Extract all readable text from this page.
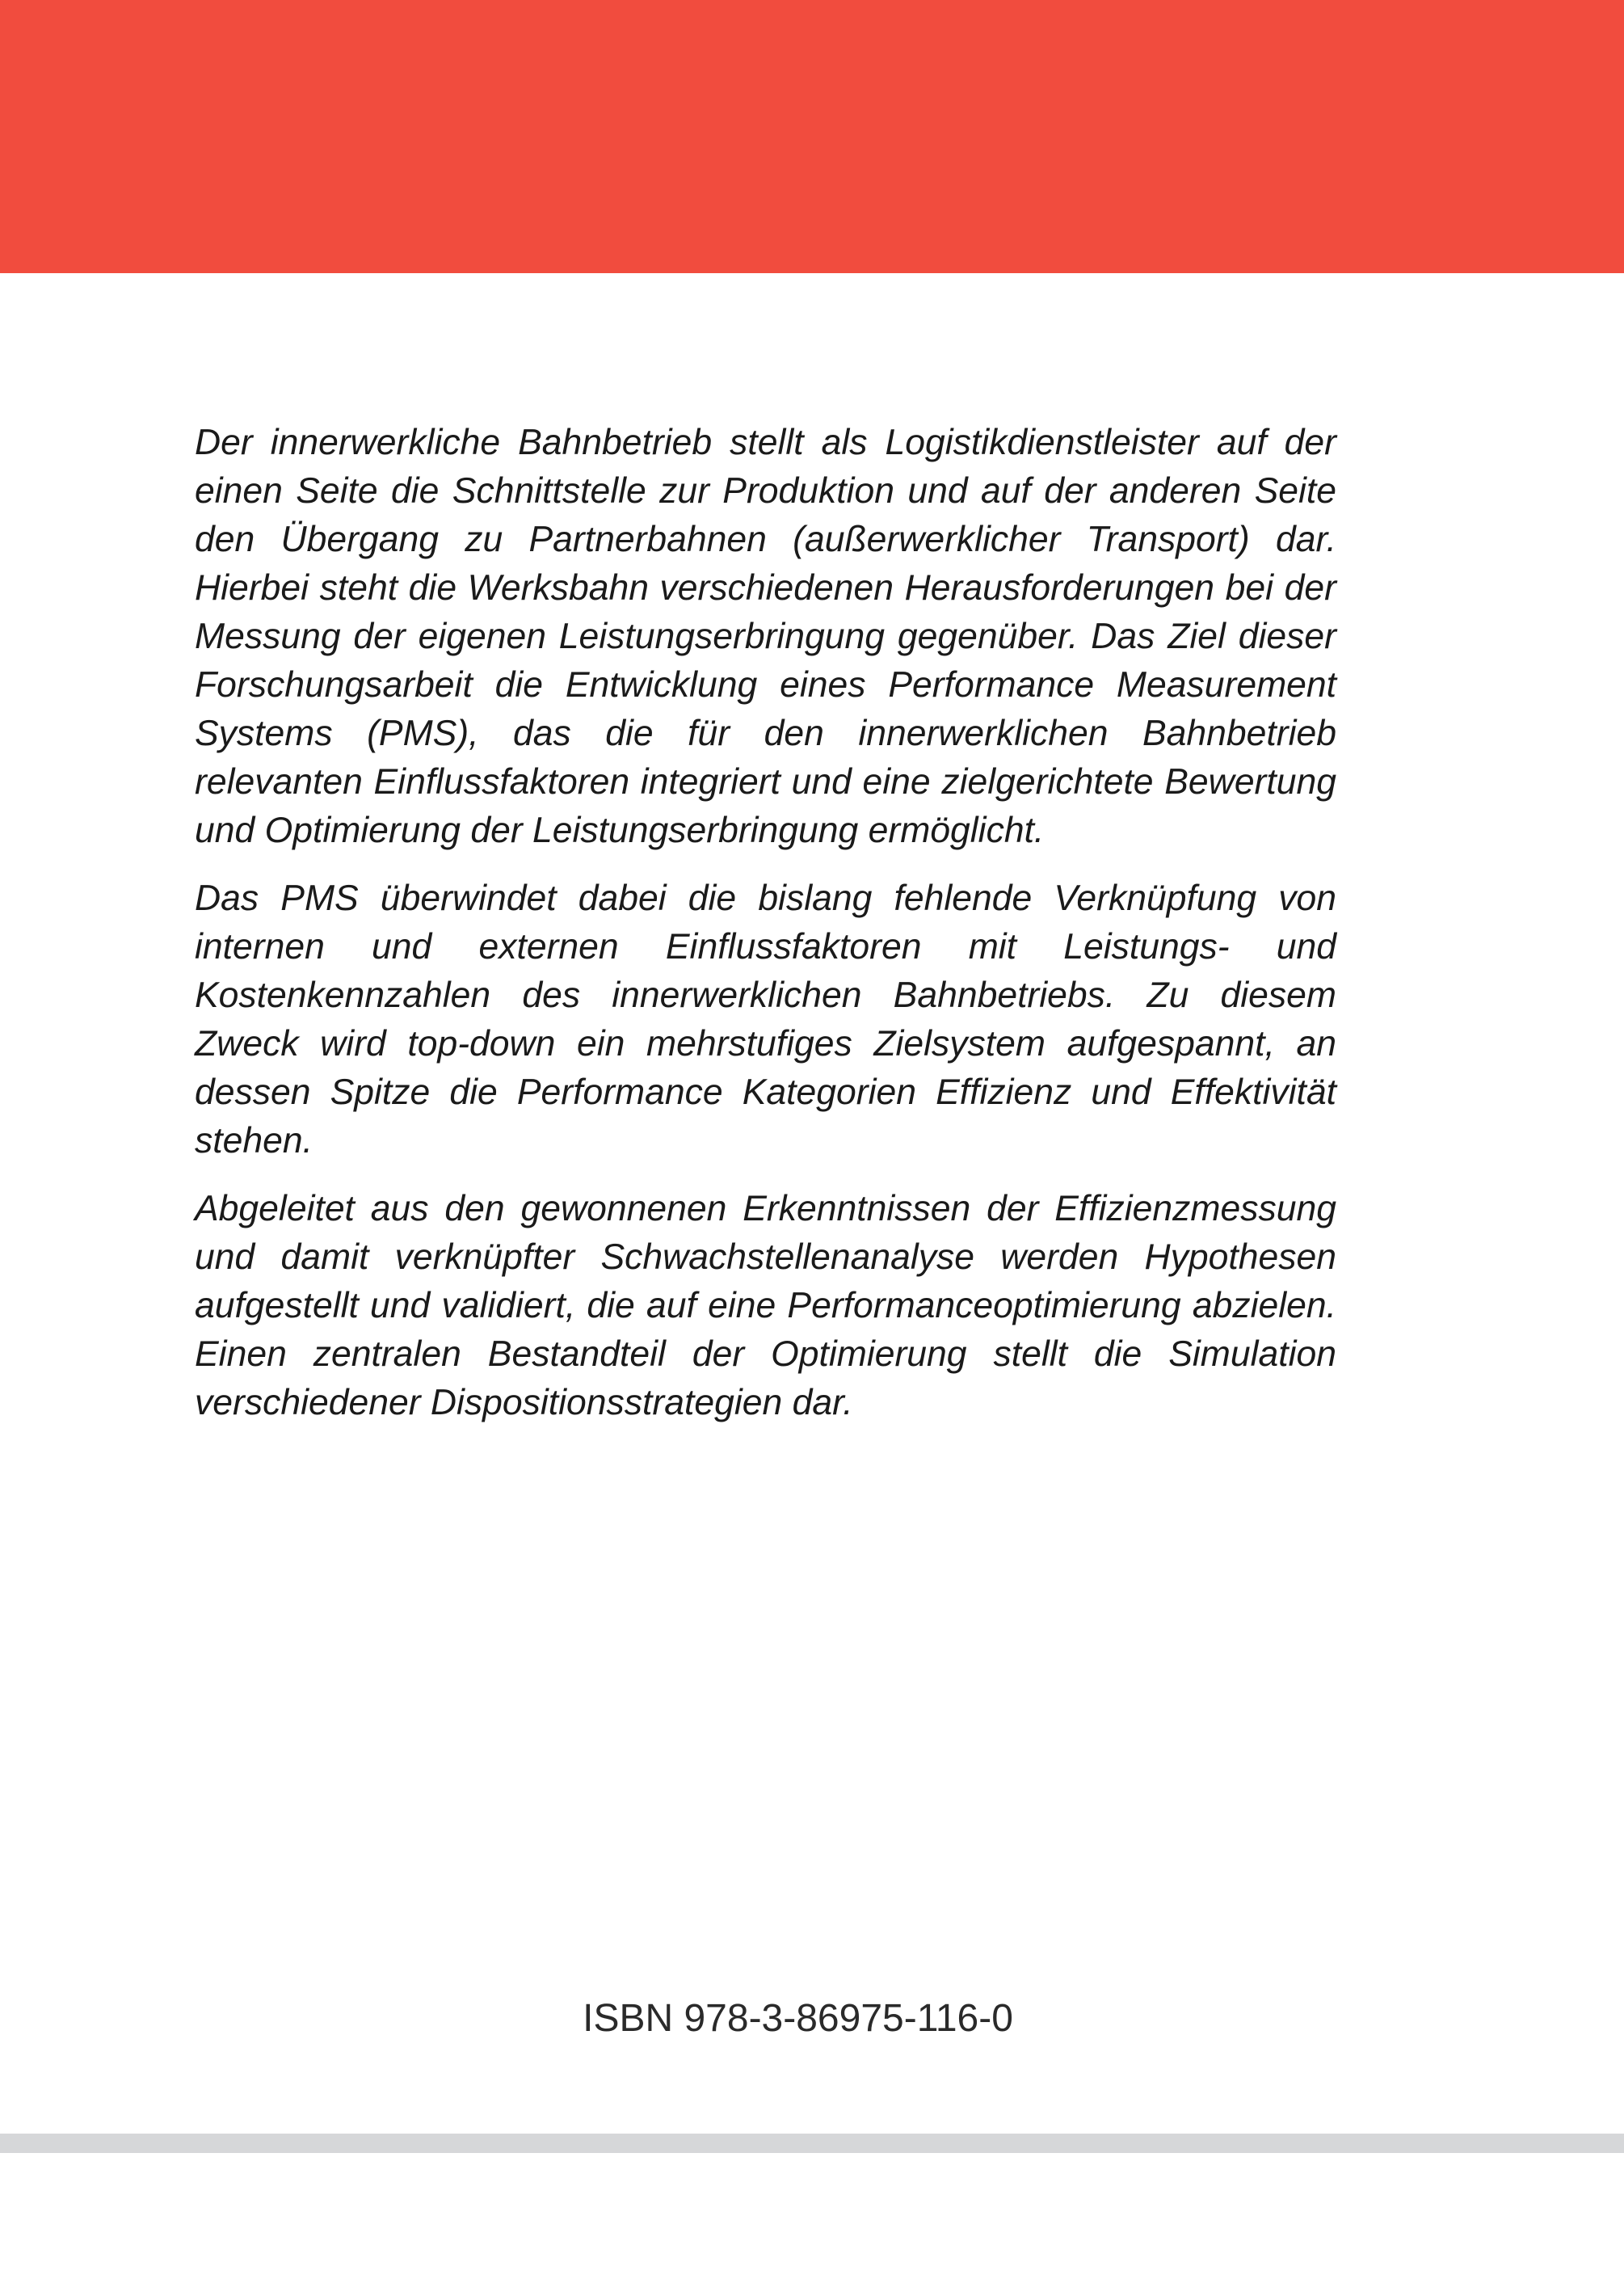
Der innerwerkliche Bahnbetrieb stellt als Logistikdienstleister auf der einen Seite die Schnittstelle zur Produktion und auf der anderen Seite den Übergang zu Partnerbahnen (außerwerklicher Transport) dar. Hierbei steht die Werksbahn verschiedenen Herausforderungen bei der Messung der eigenen Leistungserbringung gegenüber. Das Ziel dieser Forschungsarbeit die Entwicklung eines Performance Measurement Systems (PMS), das die für den innerwerklichen Bahnbetrieb relevanten Einflussfaktoren integriert und eine zielgerichtete Bewertung und Optimierung der Leistungserbringung ermöglicht.

Das PMS überwindet dabei die bislang fehlende Verknüpfung von internen und externen Einflussfaktoren mit Leistungs- und Kostenkennzahlen des innerwerklichen Bahnbetriebs. Zu diesem Zweck wird top-down ein mehrstufiges Zielsystem aufgespannt, an dessen Spitze die Performance Kategorien Effizienz und Effektivität stehen.

Abgeleitet aus den gewonnenen Erkenntnissen der Effizienzmessung und damit verknüpfter Schwachstellenanalyse werden Hypothesen aufgestellt und validiert, die auf eine Performanceoptimierung abzielen. Einen zentralen Bestandteil der Optimierung stellt die Simulation verschiedener Dispositionsstrategien dar.

ISBN 978-3-86975-116-0
